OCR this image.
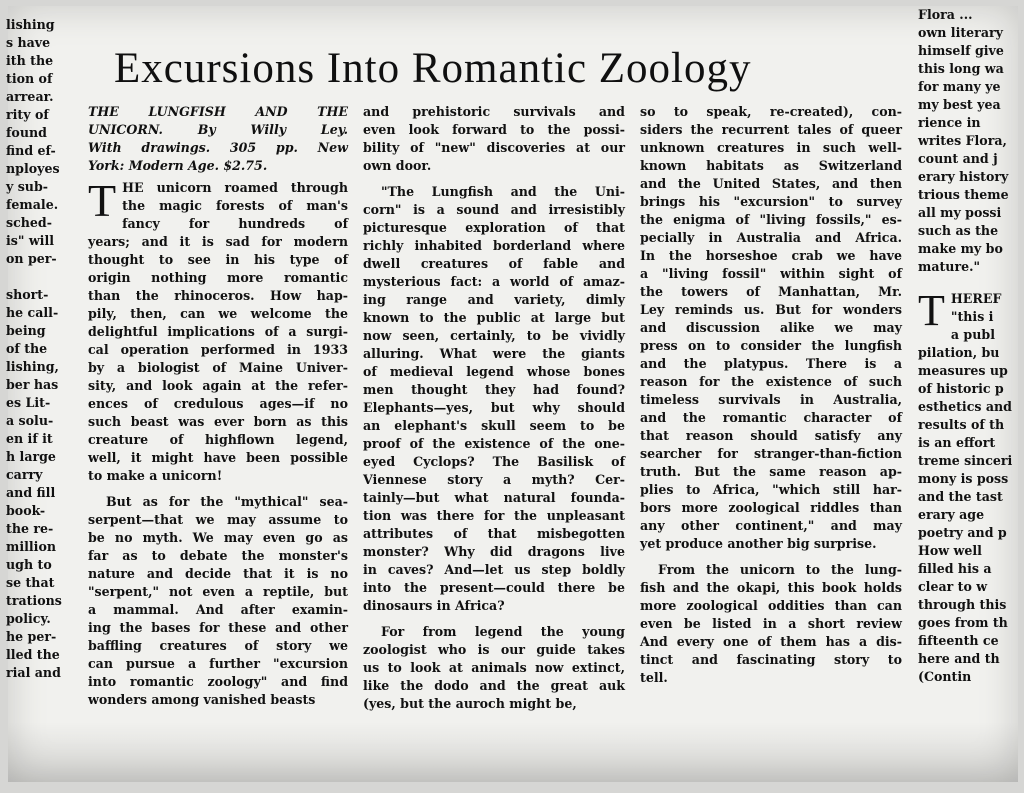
lishing
s have
ith the
tion of
arrear.
rity of
found
find ef-
nployes
y sub-
female.
sched-
is" will
on per-

short-
he call-
being
of the
lishing,
ber has
es Lit-
a solu-
en if it
h large
carry
and fill
book-
the re-
million
ugh to
se that
trations
policy.
he per-
lled the
rial and
Excursions Into Romantic Zoology
THE LUNGFISH AND THE
UNICORN. By Willy Ley.
With drawings. 305 pp. New
York: Modern Age. $2.75.

T HE unicorn roamed through
the magic forests of man's
fancy for hundreds of
years; and it is sad for modern
thought to see in his type of
origin nothing more romantic
than the rhinoceros. How hap-
pily, then, can we welcome the
delightful implications of a surgi-
cal operation performed in 1933
by a biologist of Maine Univer-
sity, and look again at the refer-
ences of credulous ages—if no
such beast was ever born as this
creature of highflown legend,
well, it might have been possible
to make a unicorn!

But as for the "mythical" sea-
serpent—that we may assume to
be no myth. We may even go as
far as to debate the monster's
nature and decide that it is no
"serpent," not even a reptile, but
a mammal. And after examin-
ing the bases for these and other
baffling creatures of story we
can pursue a further "excursion
into romantic zoology" and find
wonders among vanished beasts

and prehistoric survivals and
even look forward to the possi-
bility of "new" discoveries at our
own door.

"The Lungfish and the Uni-
corn" is a sound and irresistibly
picturesque exploration of that
richly inhabited borderland where
dwell creatures of fable and
mysterious fact: a world of amaz-
ing range and variety, dimly
known to the public at large but
now seen, certainly, to be vividly
alluring. What were the giants
of medieval legend whose bones
men thought they had found?
Elephants—yes, but why should
an elephant's skull seem to be
proof of the existence of the one-
eyed Cyclops? The Basilisk of
Viennese story a myth? Cer-
tainly—but what natural founda-
tion was there for the unpleasant
attributes of that misbegotten
monster? Why did dragons live
in caves? And—let us step boldly
into the present—could there be
dinosaurs in Africa?

For from legend the young
zoologist who is our guide takes
us to look at animals now extinct,
like the dodo and the great auk
(yes, but the auroch might be,

so to speak, re-created), con-
siders the recurrent tales of queer
unknown creatures in such well-
known habitats as Switzerland
and the United States, and then
brings his "excursion" to survey
the enigma of "living fossils," es-
pecially in Australia and Africa.
In the horseshoe crab we have
a "living fossil" within sight of
the towers of Manhattan, Mr.
Ley reminds us. But for wonders
and discussion alike we may
press on to consider the lungfish
and the platypus. There is a
reason for the existence of such
timeless survivals in Australia,
and the romantic character of
that reason should satisfy any
searcher for stranger-than-fiction
truth. But the same reason ap-
plies to Africa, "which still har-
bors more zoological riddles than
any other continent," and may
yet produce another big surprise.

From the unicorn to the lung-
fish and the okapi, this book holds
more zoological oddities than can
even be listed in a short review
And every one of them has a dis-
tinct and fascinating story to
tell.

Flora ...
own literary
himself give
this long wa
for many ye
my best yea
rience in
writes Flora,
count and j
erary history
trious theme
all my possi
such as the
make my bo
mature."

T HEREF
"this i
a publ
pilation, bu
measures up
of historic p
esthetics and
results of th
is an effort
treme sinceri
mony is poss
and the tast
erary age
poetry and p
How well
filled his a
clear to w
through this
goes from th
fifteenth ce
here and th
(Contin
